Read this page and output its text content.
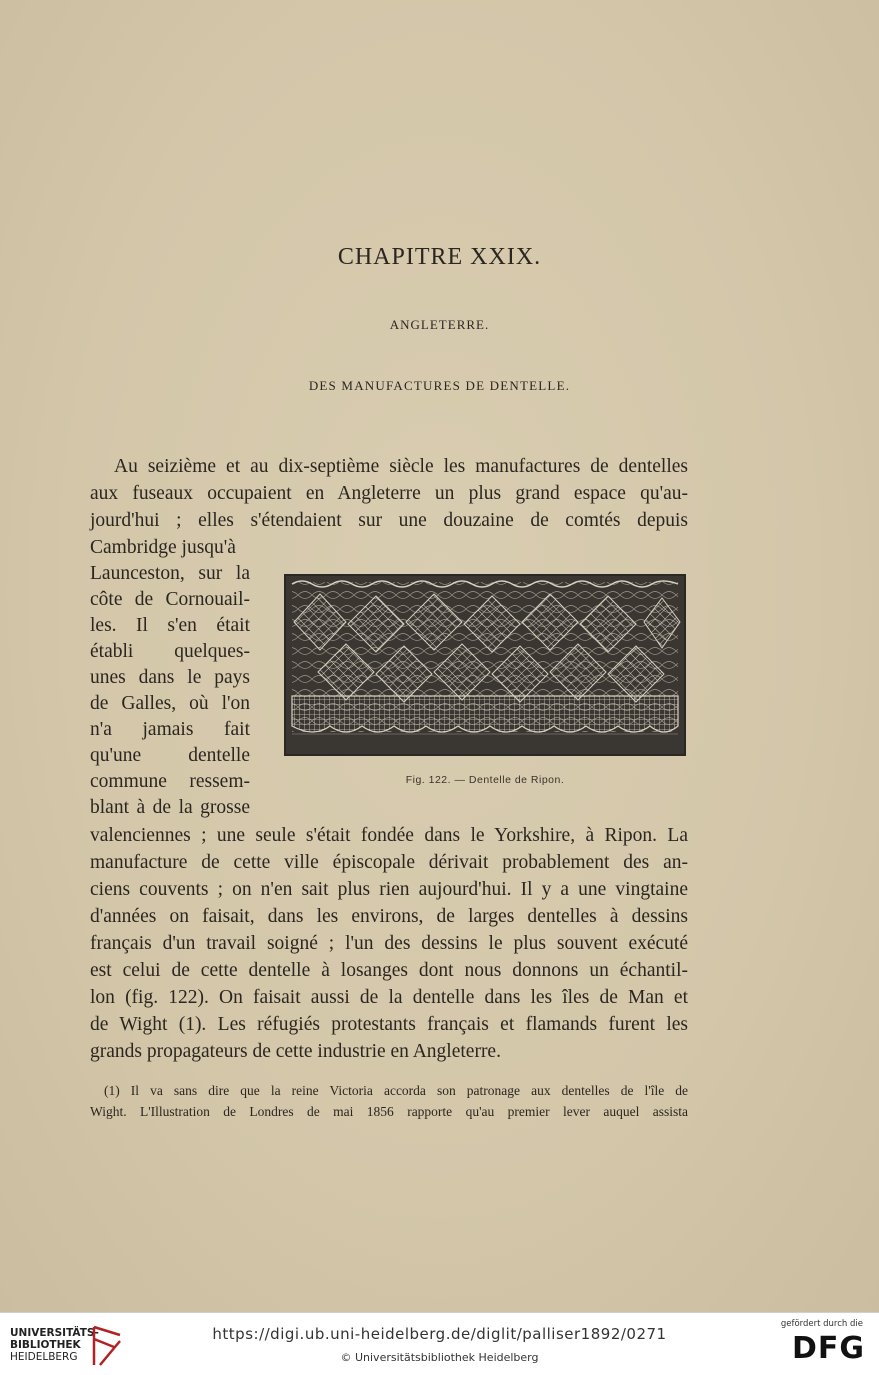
CHAPITRE XXIX.
ANGLETERRE.
DES MANUFACTURES DE DENTELLE.
Au seizième et au dix-septième siècle les manufactures de dentelles
aux fuseaux occupaient en Angleterre un plus grand espace qu'au-
jourd'hui ; elles s'étendaient sur une douzaine de comtés depuis
Cambridge jusqu'à
Launceston, sur la
côte de Cornouail-
les. Il s'en était
établi quelques-
unes dans le pays
de Galles, où l'on
n'a jamais fait
qu'une dentelle
commune ressem-
blant à de la grosse
valenciennes ; une seule s'était fondée dans le Yorkshire, à Ripon. La
manufacture de cette ville épiscopale dérivait probablement des an-
ciens couvents ; on n'en sait plus rien aujourd'hui. Il y a une vingtaine
d'années on faisait, dans les environs, de larges dentelles à dessins
français d'un travail soigné ; l'un des dessins le plus souvent exécuté
est celui de cette dentelle à losanges dont nous donnons un échantil-
lon (fig. 122). On faisait aussi de la dentelle dans les îles de Man et
de Wight (1). Les réfugiés protestants français et flamands furent les
grands propagateurs de cette industrie en Angleterre.
Fig. 122. — Dentelle de Ripon.
(1) Il va sans dire que la reine Victoria accorda son patronage aux dentelles de l'île de
Wight. L'Illustration de Londres de mai 1856 rapporte qu'au premier lever auquel assista
UNIVERSITÄTS-
BIBLIOTHEK
HEIDELBERG
https://digi.ub.uni-heidelberg.de/diglit/palliser1892/0271
© Universitätsbibliothek Heidelberg
gefördert durch die
DFG
